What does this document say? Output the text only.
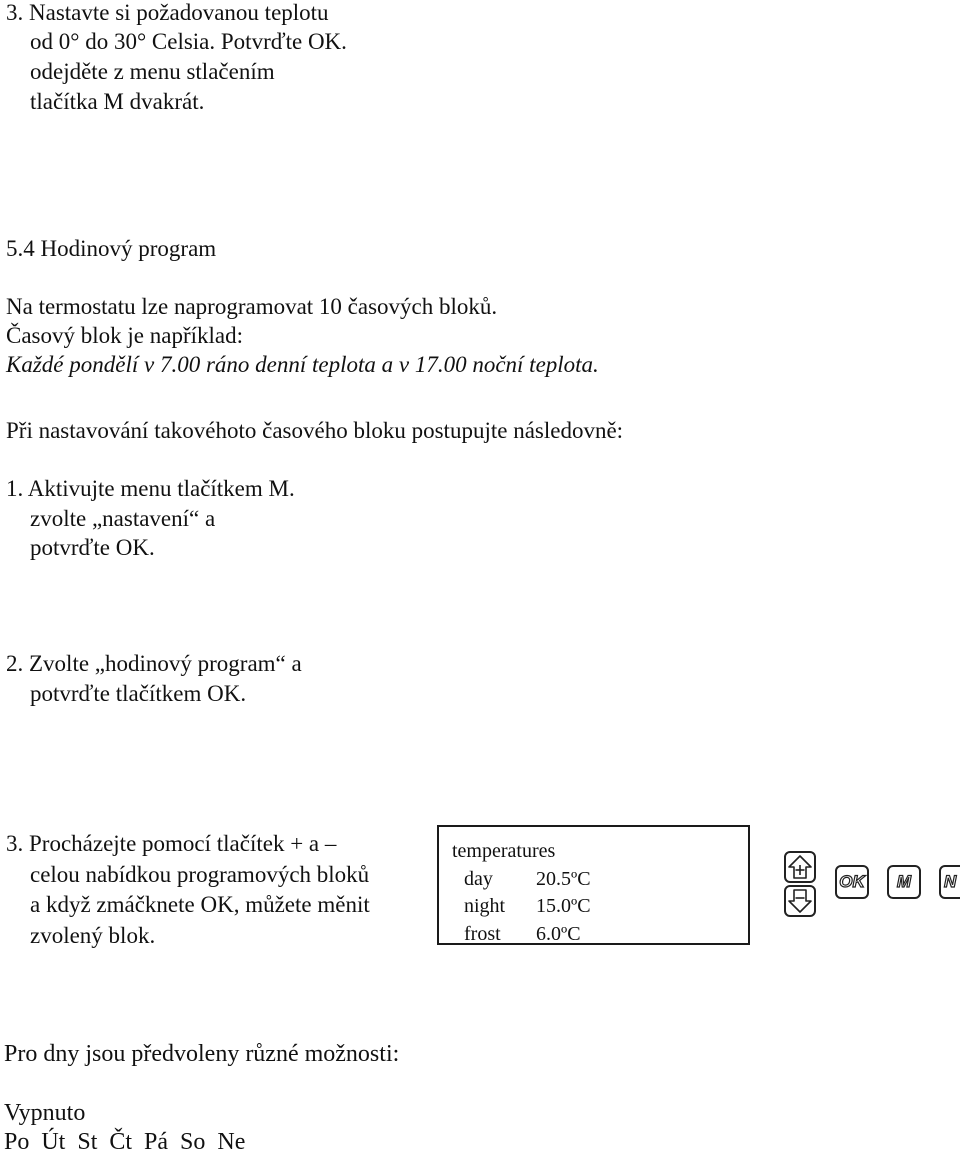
3. Nastavte si požadovanou teplotu
od 0° do 30° Celsia. Potvrďte OK.
odejděte z menu stlačením
tlačítka M dvakrát.
5.4 Hodinový program
Na termostatu lze naprogramovat 10 časových bloků.
Časový blok je například:
Každé pondělí v 7.00 ráno denní teplota a v 17.00 noční teplota.
Při nastavování takovéhoto časového bloku postupujte následovně:
1. Aktivujte menu tlačítkem M.
zvolte „nastavení“ a
potvrďte OK.
2. Zvolte „hodinový program“ a
potvrďte tlačítkem OK.
3. Procházejte pomocí tlačítek + a –
celou nabídkou programových bloků
a když zmáčknete OK, můžete měnit
zvolený blok.
temperatures
day 20.5ºC
night 15.0ºC
frost 6.0ºC
OK M N
Pro dny jsou předvoleny různé možnosti:
Vypnuto
Po  Út  St  Čt  Pá  So  Ne
